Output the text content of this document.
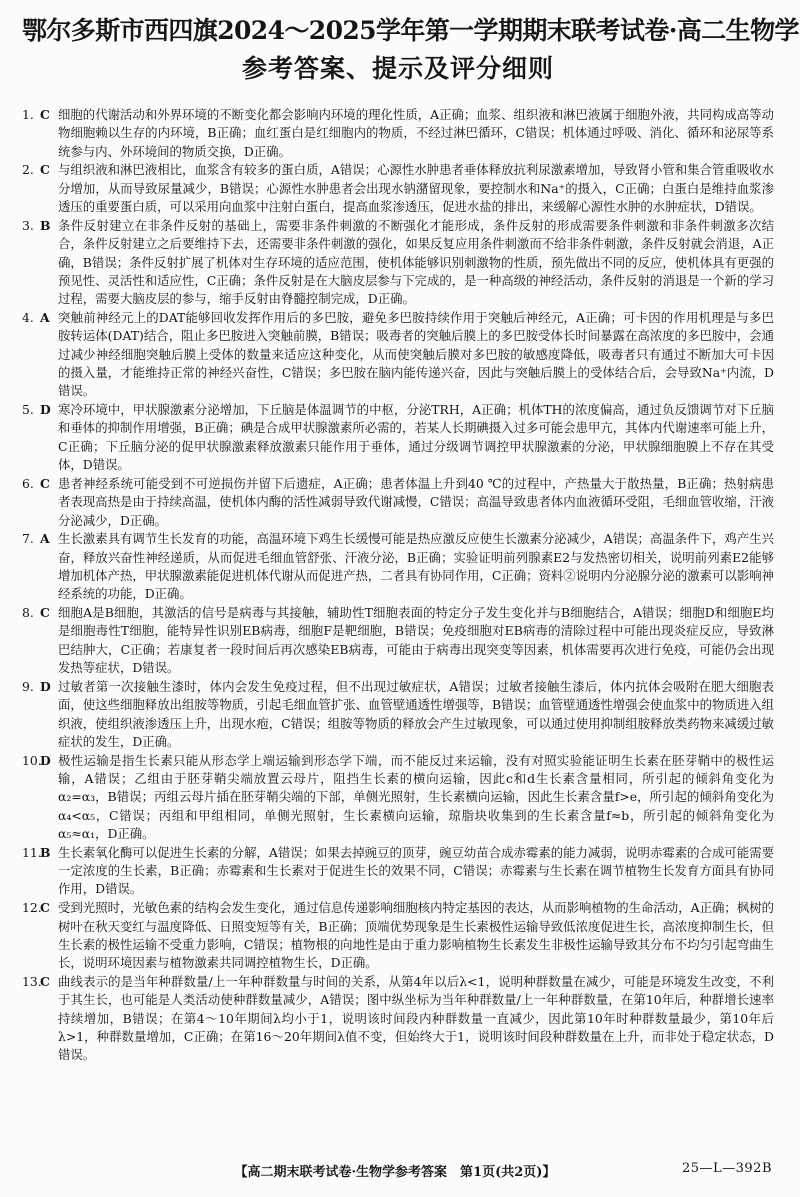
鄂尔多斯市西四旗2024～2025学年第一学期期末联考试卷·高二生物学
参考答案、提示及评分细则
1. C 细胞的代谢活动和外界环境的不断变化都会影响内环境的理化性质，A正确；血浆、组织液和淋巴液属于细胞外液，共同构成高等动物细胞赖以生存的内环境，B正确；血红蛋白是红细胞内的物质，不经过淋巴循环，C错误；机体通过呼吸、消化、循环和泌尿等系统参与内、外环境间的物质交换，D正确。
2. C 与组织液和淋巴液相比，血浆含有较多的蛋白质，A错误；心源性水肿患者垂体释放抗利尿激素增加，导致肾小管和集合管重吸收水分增加，从而导致尿量减少，B错误；心源性水肿患者会出现水钠潴留现象，要控制水和Na⁺的摄入，C正确；白蛋白是维持血浆渗透压的重要蛋白质，可以采用向血浆中注射白蛋白，提高血浆渗透压，促进水盐的排出，来缓解心源性水肿的水肿症状，D错误。
3. B 条件反射建立在非条件反射的基础上，需要非条件刺激的不断强化才能形成，条件反射的形成需要条件刺激和非条件刺激多次结合，条件反射建立之后要维持下去，还需要非条件刺激的强化，如果反复应用条件刺激而不给非条件刺激，条件反射就会消退，A正确，B错误；条件反射扩展了机体对生存环境的适应范围，使机体能够识别刺激物的性质，预先做出不同的反应，使机体具有更强的预见性、灵活性和适应性，C正确；条件反射是在大脑皮层参与下完成的，是一种高级的神经活动，条件反射的消退是一个新的学习过程，需要大脑皮层的参与，缩手反射由脊髓控制完成，D正确。
4. A 突触前神经元上的DAT能够回收发挥作用后的多巴胺，避免多巴胺持续作用于突触后神经元，A正确；可卡因的作用机理是与多巴胺转运体(DAT)结合，阻止多巴胺进入突触前膜，B错误；吸毒者的突触后膜上的多巴胺受体长时间暴露在高浓度的多巴胺中，会通过减少神经细胞突触后膜上受体的数量来适应这种变化，从而使突触后膜对多巴胺的敏感度降低，吸毒者只有通过不断加大可卡因的摄入量，才能维持正常的神经兴奋性，C错误；多巴胺在脑内能传递兴奋，因此与突触后膜上的受体结合后，会导致Na⁺内流，D错误。
5. D 寒冷环境中，甲状腺激素分泌增加，下丘脑是体温调节的中枢，分泌TRH，A正确；机体TH的浓度偏高，通过负反馈调节对下丘脑和垂体的抑制作用增强，B正确；碘是合成甲状腺激素所必需的，若某人长期碘摄入过多可能会患甲亢，其体内代谢速率可能上升，C正确；下丘脑分泌的促甲状腺激素释放激素只能作用于垂体，通过分级调节调控甲状腺激素的分泌，甲状腺细胞膜上不存在其受体，D错误。
6. C 患者神经系统可能受到不可逆损伤并留下后遗症，A正确；患者体温上升到40 ℃的过程中，产热量大于散热量，B正确；热射病患者表现高热是由于持续高温，使机体内酶的活性减弱导致代谢减慢，C错误；高温导致患者体内血液循环受阻，毛细血管收缩，汗液分泌减少，D正确。
7. A 生长激素具有调节生长发育的功能，高温环境下鸡生长缓慢可能是热应激反应使生长激素分泌减少，A错误；高温条件下，鸡产生兴奋，释放兴奋性神经递质，从而促进毛细血管舒张、汗液分泌，B正确；实验证明前列腺素E2与发热密切相关，说明前列素E2能够增加机体产热，甲状腺激素能促进机体代谢从而促进产热，二者具有协同作用，C正确；资料②说明内分泌腺分泌的激素可以影响神经系统的功能，D正确。
8. C 细胞A是B细胞，其激活的信号是病毒与其接触，辅助性T细胞表面的特定分子发生变化并与B细胞结合，A错误；细胞D和细胞E均是细胞毒性T细胞，能特异性识别EB病毒，细胞F是靶细胞，B错误；免疫细胞对EB病毒的清除过程中可能出现炎症反应，导致淋巴结肿大，C正确；若康复者一段时间后再次感染EB病毒，可能由于病毒出现突变等因素，机体需要再次进行免疫，可能仍会出现发热等症状，D错误。
9. D 过敏者第一次接触生漆时，体内会发生免疫过程，但不出现过敏症状，A错误；过敏者接触生漆后，体内抗体会吸附在肥大细胞表面，使这些细胞释放出组胺等物质，引起毛细血管扩张、血管壁通透性增强等，B错误；血管壁通透性增强会使血浆中的物质进入组织液，使组织液渗透压上升，出现水疱，C错误；组胺等物质的释放会产生过敏现象，可以通过使用抑制组胺释放类药物来减缓过敏症状的发生，D正确。
10.
D 极性运输是指生长素只能从形态学上端运输到形态学下端，而不能反过来运输，没有对照实验能证明生长素在胚芽鞘中的极性运输，A错误；乙组由于胚芽鞘尖端放置云母片，阻挡生长素的横向运输，因此c和d生长素含量相同，所引起的倾斜角变化为α₂=α₃，B错误；丙组云母片插在胚芽鞘尖端的下部，单侧光照射，生长素横向运输，因此生长素含量f>e，所引起的倾斜角变化为α₄<α₅，C错误；丙组和甲组相同，单侧光照射，生长素横向运输，琼脂块收集到的生长素含量f≈b，所引起的倾斜角变化为α₅≈α₁，D正确。
11.
B 生长素氧化酶可以促进生长素的分解，A错误；如果去掉豌豆的顶芽，豌豆幼苗合成赤霉素的能力减弱，说明赤霉素的合成可能需要一定浓度的生长素，B正确；赤霉素和生长素对于促进生长的效果不同，C错误；赤霉素与生长素在调节植物生长发育方面具有协同作用，D错误。
12.
C 受到光照时，光敏色素的结构会发生变化，通过信息传递影响细胞核内特定基因的表达，从而影响植物的生命活动，A正确；枫树的树叶在秋天变红与温度降低、日照变短等有关，B正确；顶端优势现象是生长素极性运输导致低浓度促进生长，高浓度抑制生长，但生长素的极性运输不受重力影响，C错误；植物根的向地性是由于重力影响植物生长素发生非极性运输导致其分布不均匀引起弯曲生长，说明环境因素与植物激素共同调控植物生长，D正确。
13.
C 曲线表示的是当年种群数量/上一年种群数量与时间的关系，从第4年以后λ<1，说明种群数量在减少，可能是环境发生改变，不利于其生长，也可能是人类活动使种群数量减少，A错误；图中纵坐标为当年种群数量/上一年种群数量，在第10年后，种群增长速率持续增加，B错误；在第4～10年期间λ均小于1，说明该时间段内种群数量一直减少，因此第10年时种群数量最少，第10年后λ>1，种群数量增加，C正确；在第16～20年期间λ值不变，但始终大于1，说明该时间段种群数量在上升，而非处于稳定状态，D错误。
【高二期末联考试卷·生物学参考答案　第1页(共2页)】	25—L—392B
